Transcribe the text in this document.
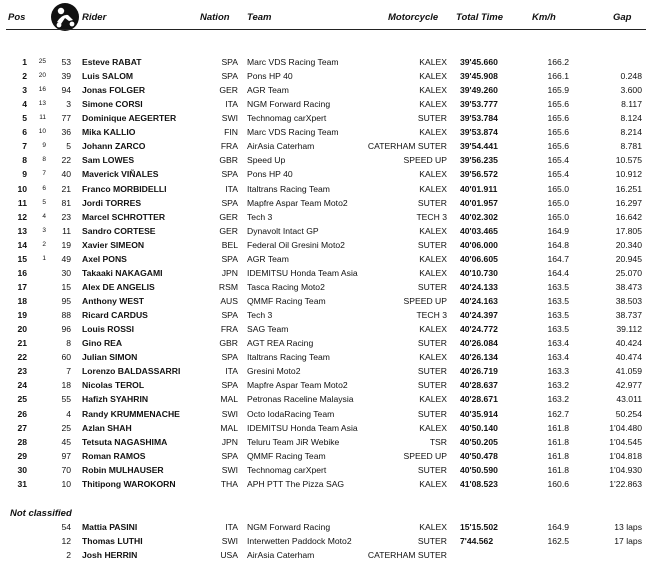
Pos	Rider	Nation Team	Motorcycle Total Time	Km/h	Gap
1	25	53 Esteve RABAT	SPA Marc VDS Racing Team	KALEX 39'45.660	166.2
2	20	39 Luis SALOM	SPA Pons HP 40	KALEX 39'45.908	166.1	0.248
3	16	94 Jonas FOLGER	GER AGR Team	KALEX 39'49.260	165.9	3.600
4	13	3 Simone CORSI	ITA NGM Forward Racing	KALEX 39'53.777	165.6	8.117
5	11	77 Dominique AEGERTER	SWI Technomag carXpert	SUTER 39'53.784	165.6	8.124
6	10	36 Mika KALLIO	FIN Marc VDS Racing Team	KALEX 39'53.874	165.6	8.214
7	9	5 Johann ZARCO	FRA AirAsia Caterham	CATERHAM SUTER 39'54.441	165.6	8.781
8	8	22 Sam LOWES	GBR Speed Up	SPEED UP 39'56.235	165.4	10.575
9	7	40 Maverick VIÑALES	SPA Pons HP 40	KALEX 39'56.572	165.4	10.912
10	6	21 Franco MORBIDELLI	ITA Italtrans Racing Team	KALEX 40'01.911	165.0	16.251
11	5	81 Jordi TORRES	SPA Mapfre Aspar Team Moto2	SUTER 40'01.957	165.0	16.297
12	4	23 Marcel SCHROTTER	GER Tech 3	TECH 3 40'02.302	165.0	16.642
13	3	11 Sandro CORTESE	GER Dynavolt Intact GP	KALEX 40'03.465	164.9	17.805
14	2	19 Xavier SIMEON	BEL Federal Oil Gresini Moto2	SUTER 40'06.000	164.8	20.340
15	1	49 Axel PONS	SPA AGR Team	KALEX 40'06.605	164.7	20.945
16	30 Takaaki NAKAGAMI	JPN IDEMITSU Honda Team Asia	KALEX 40'10.730	164.4	25.070
17	15 Alex DE ANGELIS	RSM Tasca Racing Moto2	SUTER 40'24.133	163.5	38.473
18	95 Anthony WEST	AUS QMMF Racing Team	SPEED UP 40'24.163	163.5	38.503
19	88 Ricard CARDUS	SPA Tech 3	TECH 3 40'24.397	163.5	38.737
20	96 Louis ROSSI	FRA SAG Team	KALEX 40'24.772	163.5	39.112
21	8 Gino REA	GBR AGT REA Racing	SUTER 40'26.084	163.4	40.424
22	60 Julian SIMON	SPA Italtrans Racing Team	KALEX 40'26.134	163.4	40.474
23	7 Lorenzo BALDASSARRI	ITA Gresini Moto2	SUTER 40'26.719	163.3	41.059
24	18 Nicolas TEROL	SPA Mapfre Aspar Team Moto2	SUTER 40'28.637	163.2	42.977
25	55 Hafizh SYAHRIN	MAL Petronas Raceline Malaysia	KALEX 40'28.671	163.2	43.011
26	4 Randy KRUMMENACHE	SWI Octo IodaRacing Team	SUTER 40'35.914	162.7	50.254
27	25 Azlan SHAH	MAL IDEMITSU Honda Team Asia	KALEX 40'50.140	161.8	1'04.480
28	45 Tetsuta NAGASHIMA	JPN Teluru Team JiR Webike	TSR 40'50.205	161.8	1'04.545
29	97 Roman RAMOS	SPA QMMF Racing Team	SPEED UP 40'50.478	161.8	1'04.818
30	70 Robin MULHAUSER	SWI Technomag carXpert	SUTER 40'50.590	161.8	1'04.930
31	10 Thitipong WAROKORN	THA APH PTT The Pizza SAG	KALEX 41'08.523	160.6	1'22.863
Not classified
54 Mattia PASINI	ITA NGM Forward Racing	KALEX 15'15.502	164.9	13 laps
12 Thomas LUTHI	SWI Interwetten Paddock Moto2	SUTER 7'44.562	162.5	17 laps
2 Josh HERRIN	USA AirAsia Caterham	CATERHAM SUTER
